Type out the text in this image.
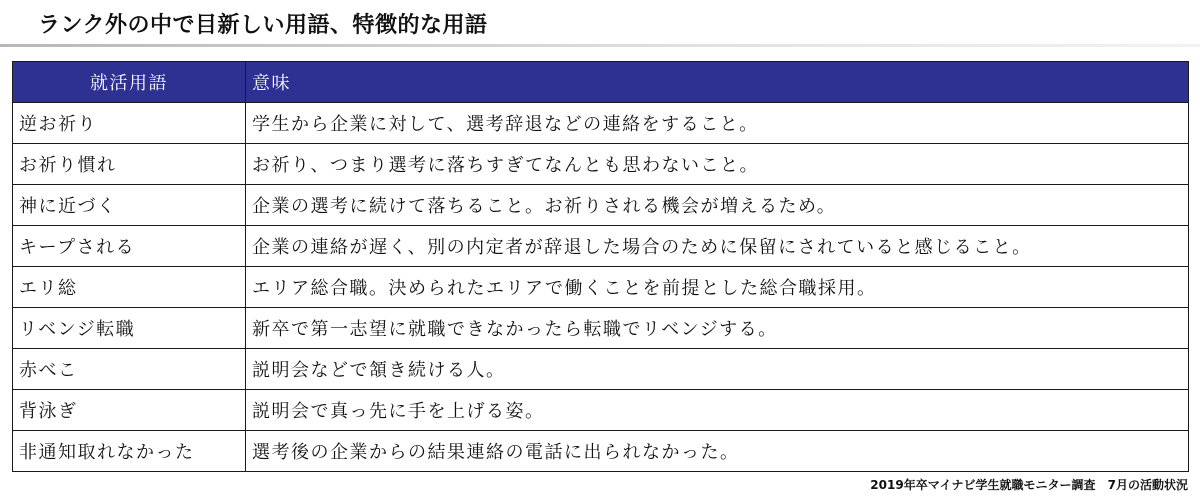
ランク外の中で目新しい用語、特徴的な用語
就活用語	意味
逆お祈り	学生から企業に対して、選考辞退などの連絡をすること。
お祈り慣れ	お祈り、つまり選考に落ちすぎてなんとも思わないこと。
神に近づく	企業の選考に続けて落ちること。お祈りされる機会が増えるため。
キープされる	企業の連絡が遅く、別の内定者が辞退した場合のために保留にされていると感じること。
エリ総	エリア総合職。決められたエリアで働くことを前提とした総合職採用。
リベンジ転職	新卒で第一志望に就職できなかったら転職でリベンジする。
赤べこ	説明会などで頷き続ける人。
背泳ぎ	説明会で真っ先に手を上げる姿。
非通知取れなかった	選考後の企業からの結果連絡の電話に出られなかった。
2019年卒マイナビ学生就職モニター調査 7月の活動状況
